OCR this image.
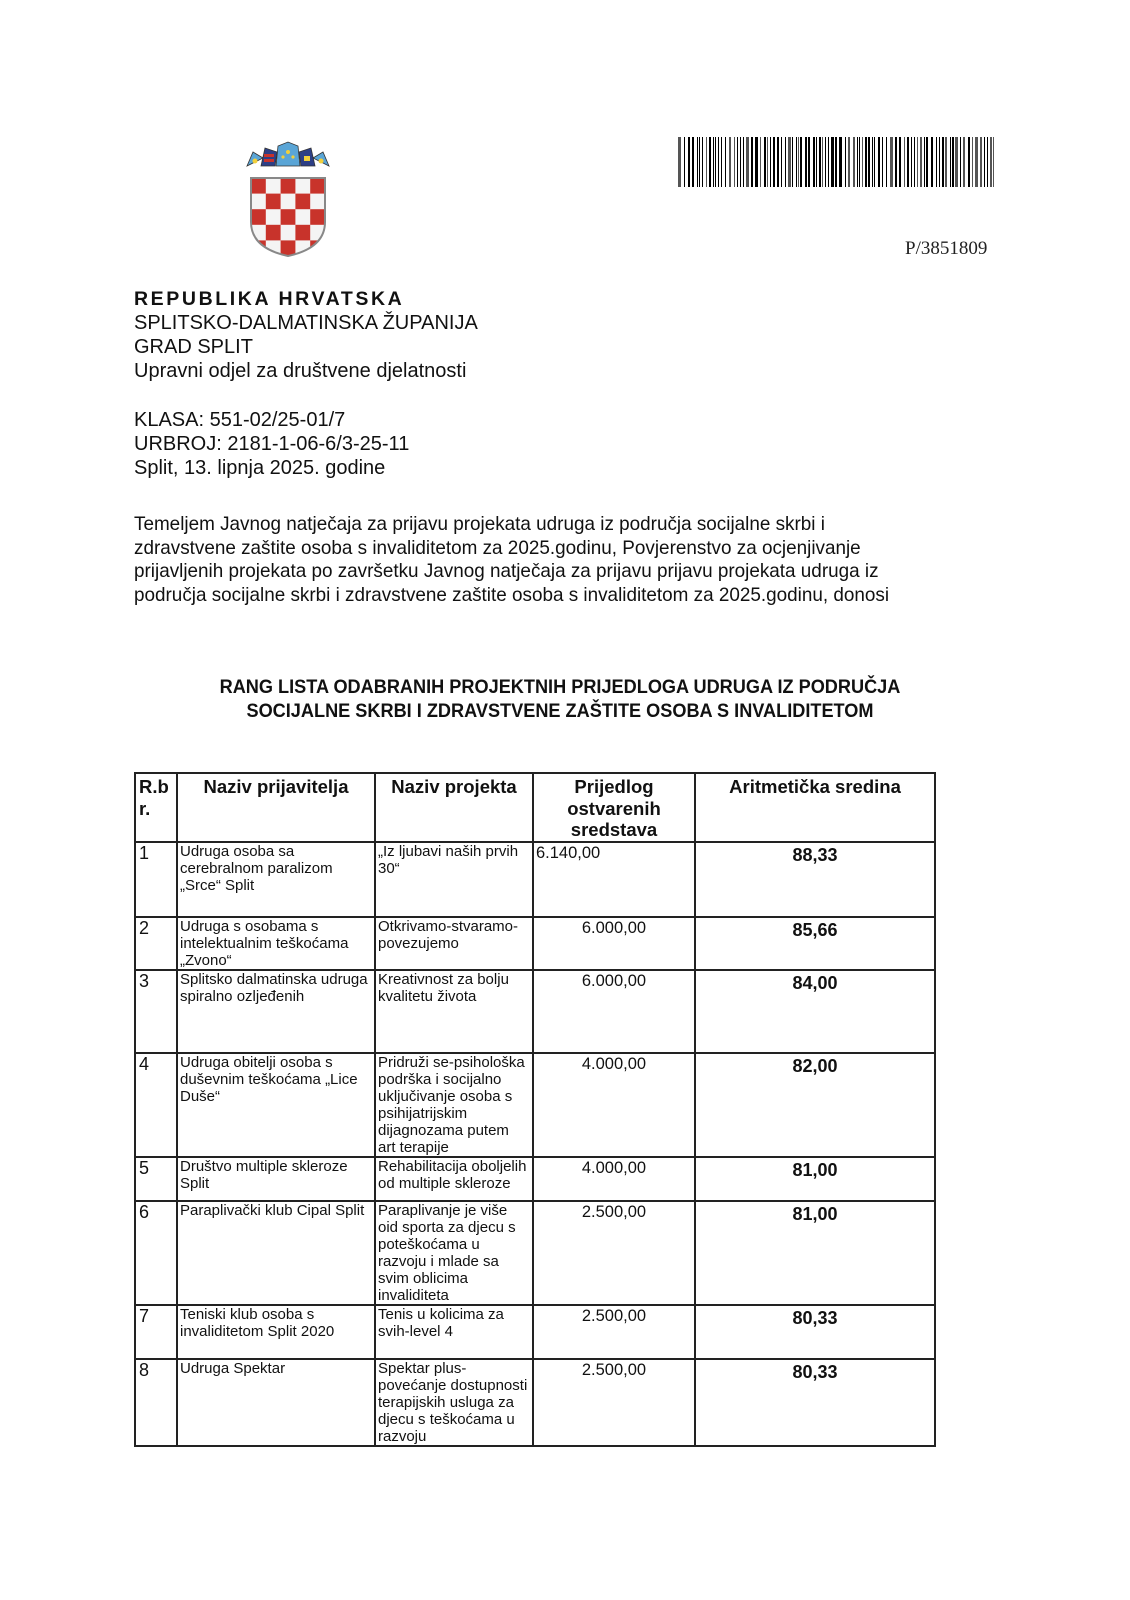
P/3851809
REPUBLIKA HRVATSKA
SPLITSKO-DALMATINSKA ŽUPANIJA
GRAD SPLIT
Upravni odjel za društvene djelatnosti
KLASA: 551-02/25-01/7
URBROJ: 2181-1-06-6/3-25-11
Split, 13. lipnja 2025. godine
Temeljem Javnog natječaja za prijavu projekata udruga iz područja socijalne skrbi i
zdravstvene zaštite osoba s invaliditetom za 2025.godinu, Povjerenstvo za ocjenjivanje
prijavljenih projekata po završetku Javnog natječaja za prijavu prijavu projekata udruga iz
područja socijalne skrbi i zdravstvene zaštite osoba s invaliditetom za 2025.godinu, donosi
RANG LISTA ODABRANIH PROJEKTNIH PRIJEDLOGA UDRUGA IZ PODRUČJA
SOCIJALNE SKRBI I ZDRAVSTVENE ZAŠTITE OSOBA S INVALIDITETOM
R.b r.	Naziv prijavitelja	Naziv projekta	Prijedlog ostvarenih sredstava	Aritmetička sredina
1	Udruga osoba sa cerebralnom paralizom „Srce“ Split	„Iz ljubavi naših prvih 30“	6.140,00	88,33
2	Udruga s osobama s intelektualnim teškoćama „Zvono“	Otkrivamo-stvaramo-povezujemo	6.000,00	85,66
3	Splitsko dalmatinska udruga spiralno ozljeđenih	Kreativnost za bolju kvalitetu života	6.000,00	84,00
4	Udruga obitelji osoba s duševnim teškoćama „Lice Duše“	Pridruži se-psihološka podrška i socijalno uključivanje osoba s psihijatrijskim dijagnozama putem art terapije	4.000,00	82,00
5	Društvo multiple skleroze Split	Rehabilitacija oboljelih od multiple skleroze	4.000,00	81,00
6	Paraplivački klub Cipal Split	Paraplivanje je više oid sporta za djecu s poteškoćama u razvoju i mlade sa svim oblicima invaliditeta	2.500,00	81,00
7	Teniski klub osoba s invaliditetom Split 2020	Tenis u kolicima za svih-level 4	2.500,00	80,33
8	Udruga Spektar	Spektar plus-povećanje dostupnosti terapijskih usluga za djecu s teškoćama u razvoju	2.500,00	80,33
